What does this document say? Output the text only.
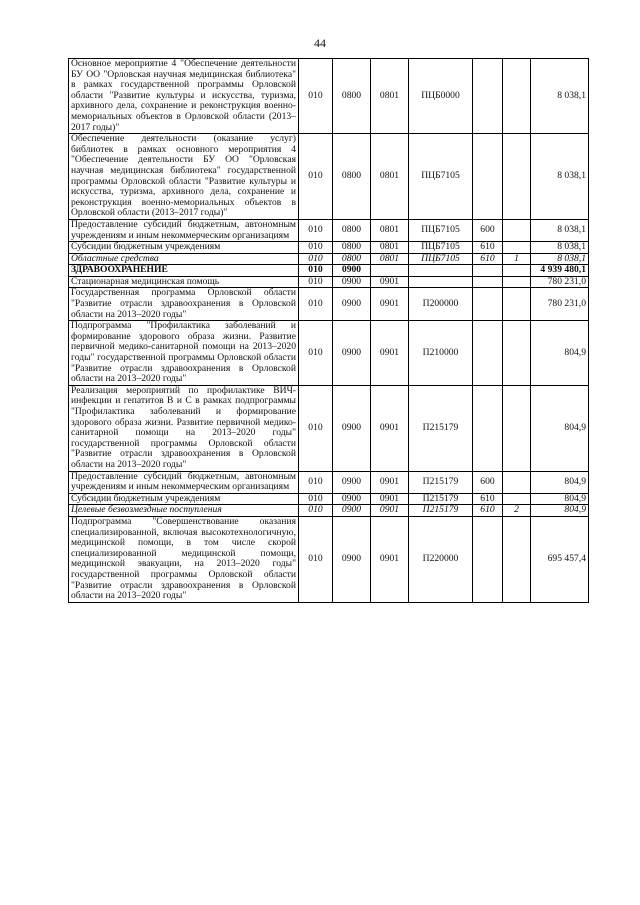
44
Основное мероприятие 4 "Обеспечение деятельности БУ ОО "Орловская научная медицинская библиотека" в рамках государственной программы Орловской области "Развитие культуры и искусства, туризма, архивного дела, сохранение и реконструкция военно-мемориальных объектов в Орловской области (2013–2017 годы)"	010	0800	0801	ПЦБ0000			8 038,1
Обеспечение деятельности (оказание услуг) библиотек в рамках основного мероприятия 4 "Обеспечение деятельности БУ ОО "Орловская научная медицинская библиотека" государственной программы Орловской области "Развитие культуры и искусства, туризма, архивного дела, сохранение и реконструкция военно-мемориальных объектов в Орловской области (2013–2017 годы)"	010	0800	0801	ПЦБ7105			8 038,1
Предоставление субсидий бюджетным, автономным учреждениям и иным некоммерческим организациям	010	0800	0801	ПЦБ7105	600		8 038,1
Субсидии бюджетным учреждениям	010	0800	0801	ПЦБ7105	610		8 038,1
Областные средства	010	0800	0801	ПЦБ7105	610	1	8 038,1
ЗДРАВООХРАНЕНИЕ	010	0900					4 939 480,1
Стационарная медицинская помощь	010	0900	0901				780 231,0
Государственная программа Орловской области "Развитие отрасли здравоохранения в Орловской области на 2013–2020 годы"	010	0900	0901	П200000			780 231,0
Подпрограмма "Профилактика заболеваний и формирование здорового образа жизни. Развитие первичной медико-санитарной помощи на 2013–2020 годы" государственной программы Орловской области "Развитие отрасли здравоохранения в Орловской области на 2013–2020 годы"	010	0900	0901	П210000			804,9
Реализация мероприятий по профилактике ВИЧ-инфекции и гепатитов В и С в рамках подпрограммы "Профилактика заболеваний и формирование здорового образа жизни. Развитие первичной медико-санитарной помощи на 2013–2020 годы" государственной программы Орловской области "Развитие отрасли здравоохранения в Орловской области на 2013–2020 годы"	010	0900	0901	П215179			804,9
Предоставление субсидий бюджетным, автономным учреждениям и иным некоммерческим организациям	010	0900	0901	П215179	600		804,9
Субсидии бюджетным учреждениям	010	0900	0901	П215179	610		804,9
Целевые безвозмездные поступления	010	0900	0901	П215179	610	2	804,9
Подпрограмма "Совершенствование оказания специализированной, включая высокотехнологичную, медицинской помощи, в том числе скорой специализированной медицинской помощи, медицинской эвакуации, на 2013–2020 годы" государственной программы Орловской области "Развитие отрасли здравоохранения в Орловской области на 2013–2020 годы"	010	0900	0901	П220000			695 457,4
